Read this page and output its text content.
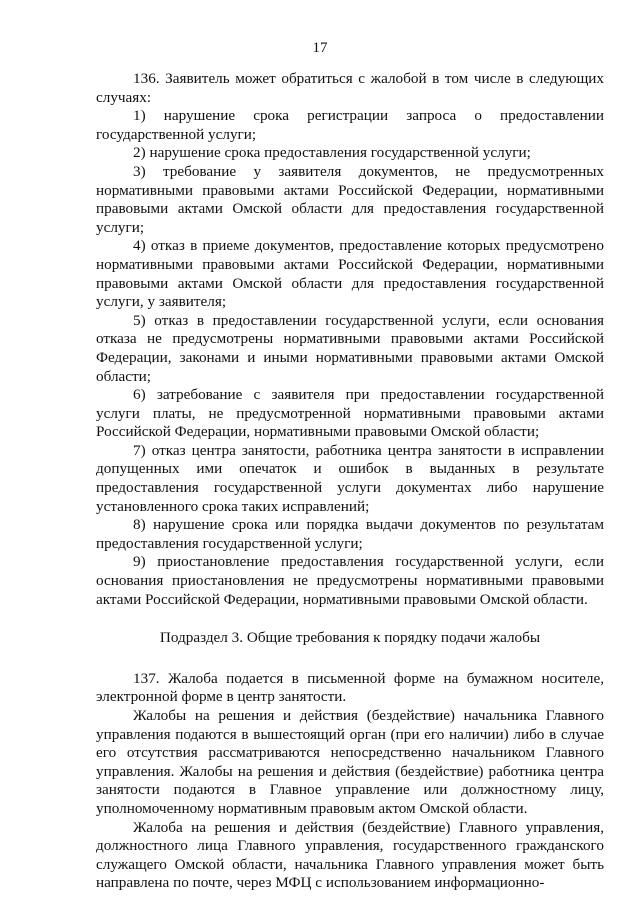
17

136. Заявитель может обратиться с жалобой в том числе в следующих случаях:

1) нарушение срока регистрации запроса о предоставлении государственной услуги;

2) нарушение срока предоставления государственной услуги;

3) требование у заявителя документов, не предусмотренных нормативными правовыми актами Российской Федерации, нормативными правовыми актами Омской области для предоставления государственной услуги;

4) отказ в приеме документов, предоставление которых предусмотрено нормативными правовыми актами Российской Федерации, нормативными правовыми актами Омской области для предоставления государственной услуги, у заявителя;

5) отказ в предоставлении государственной услуги, если основания отказа не предусмотрены нормативными правовыми актами Российской Федерации, законами и иными нормативными правовыми актами Омской области;

6) затребование с заявителя при предоставлении государственной услуги платы, не предусмотренной нормативными правовыми актами Российской Федерации, нормативными правовыми Омской области;

7) отказ центра занятости, работника центра занятости в исправлении допущенных ими опечаток и ошибок в выданных в результате предоставления государственной услуги документах либо нарушение установленного срока таких исправлений;

8) нарушение срока или порядка выдачи документов по результатам предоставления государственной услуги;

9) приостановление предоставления государственной услуги, если основания приостановления не предусмотрены нормативными правовыми актами Российской Федерации, нормативными правовыми Омской области.

Подраздел 3. Общие требования к порядку подачи жалобы

137. Жалоба подается в письменной форме на бумажном носителе, электронной форме в центр занятости.

Жалобы на решения и действия (бездействие) начальника Главного управления подаются в вышестоящий орган (при его наличии) либо в случае его отсутствия рассматриваются непосредственно начальником Главного управления. Жалобы на решения и действия (бездействие) работника центра занятости подаются в Главное управление или должностному лицу, уполномоченному нормативным правовым актом Омской области.

Жалоба на решения и действия (бездействие) Главного управления, должностного лица Главного управления, государственного гражданского служащего Омской области, начальника Главного управления может быть направлена по почте, через МФЦ с использованием информационно-
